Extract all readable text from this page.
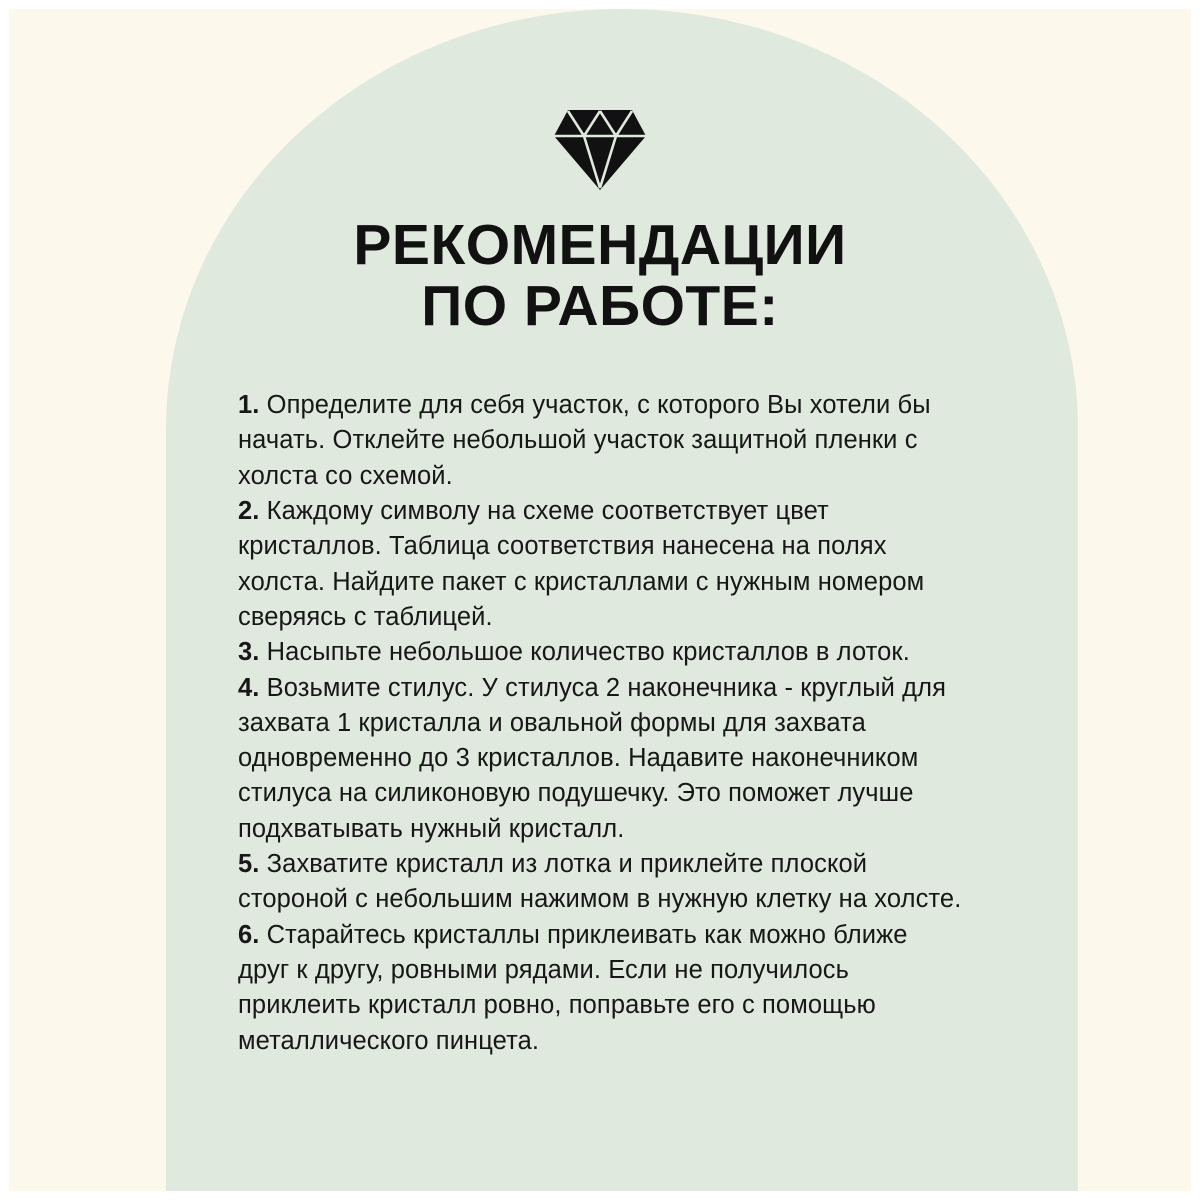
РЕКОМЕНДАЦИИ
ПО РАБОТЕ:

1. Определите для себя участок, с которого Вы хотели бы начать. Отклейте небольшой участок защитной пленки с холста со схемой.

2. Каждому символу на схеме соответствует цвет кристаллов. Таблица соответствия нанесена на полях холста. Найдите пакет с кристаллами с нужным номером сверяясь с таблицей.

3. Насыпьте небольшое количество кристаллов в лоток.

4. Возьмите стилус. У стилуса 2 наконечника - круглый для захвата 1 кристалла и овальной формы для захвата одновременно до 3 кристаллов. Надавите наконечником стилуса на силиконовую подушечку. Это поможет лучше подхватывать нужный кристалл.

5. Захватите кристалл из лотка и приклейте плоской стороной с небольшим нажимом в нужную клетку на холсте.

6. Старайтесь кристаллы приклеивать как можно ближе друг к другу, ровными рядами. Если не получилось приклеить кристалл ровно, поправьте его с помощью металлического пинцета.
